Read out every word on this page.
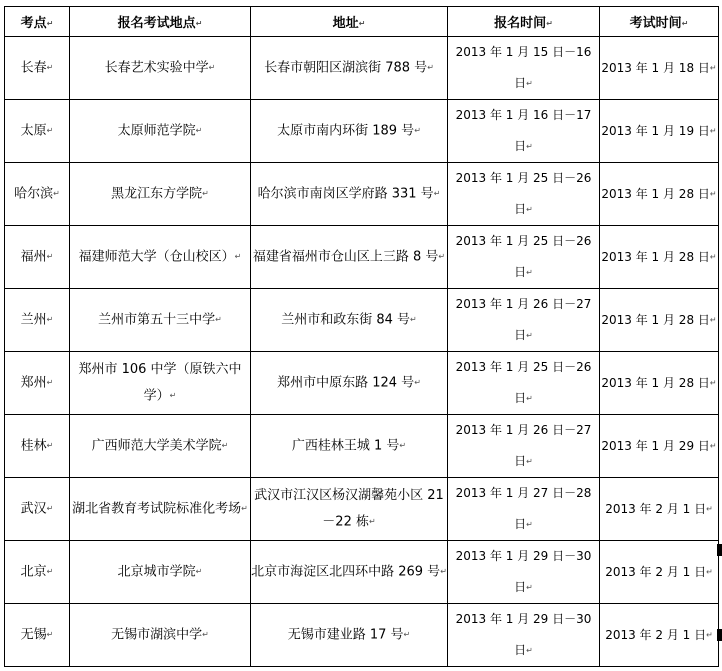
考点↵	报名考试地点↵	地址↵	报名时间↵	考试时间↵
长春↵	长春艺术实验中学↵	长春市朝阳区湖滨街 788 号↵	2013 年 1 月 15 日－16 日↵	2013 年 1 月 18 日↵
太原↵	太原师范学院↵	太原市南内环街 189 号↵	2013 年 1 月 16 日－17 日↵	2013 年 1 月 19 日↵
哈尔滨↵	黑龙江东方学院↵	哈尔滨市南岗区学府路 331 号↵	2013 年 1 月 25 日－26 日↵	2013 年 1 月 28 日↵
福州↵	福建师范大学（仓山校区）↵	福建省福州市仓山区上三路 8 号↵	2013 年 1 月 25 日－26 日↵	2013 年 1 月 28 日↵
兰州↵	兰州市第五十三中学↵	兰州市和政东街 84 号↵	2013 年 1 月 26 日－27 日↵	2013 年 1 月 28 日↵
郑州↵	郑州市 106 中学（原铁六中学）↵	郑州市中原东路 124 号↵	2013 年 1 月 25 日－26 日↵	2013 年 1 月 28 日↵
桂林↵	广西师范大学美术学院↵	广西桂林王城 1 号↵	2013 年 1 月 26 日－27 日↵	2013 年 1 月 29 日↵
武汉↵	湖北省教育考试院标准化考场↵	武汉市江汉区杨汉湖馨苑小区 21－22 栋↵	2013 年 1 月 27 日－28 日↵	2013 年 2 月 1 日↵
北京↵	北京城市学院↵	北京市海淀区北四环中路 269 号↵	2013 年 1 月 29 日－30 日↵	2013 年 2 月 1 日↵
无锡↵	无锡市湖滨中学↵	无锡市建业路 17 号↵	2013 年 1 月 29 日－30 日↵	2013 年 2 月 1 日↵
